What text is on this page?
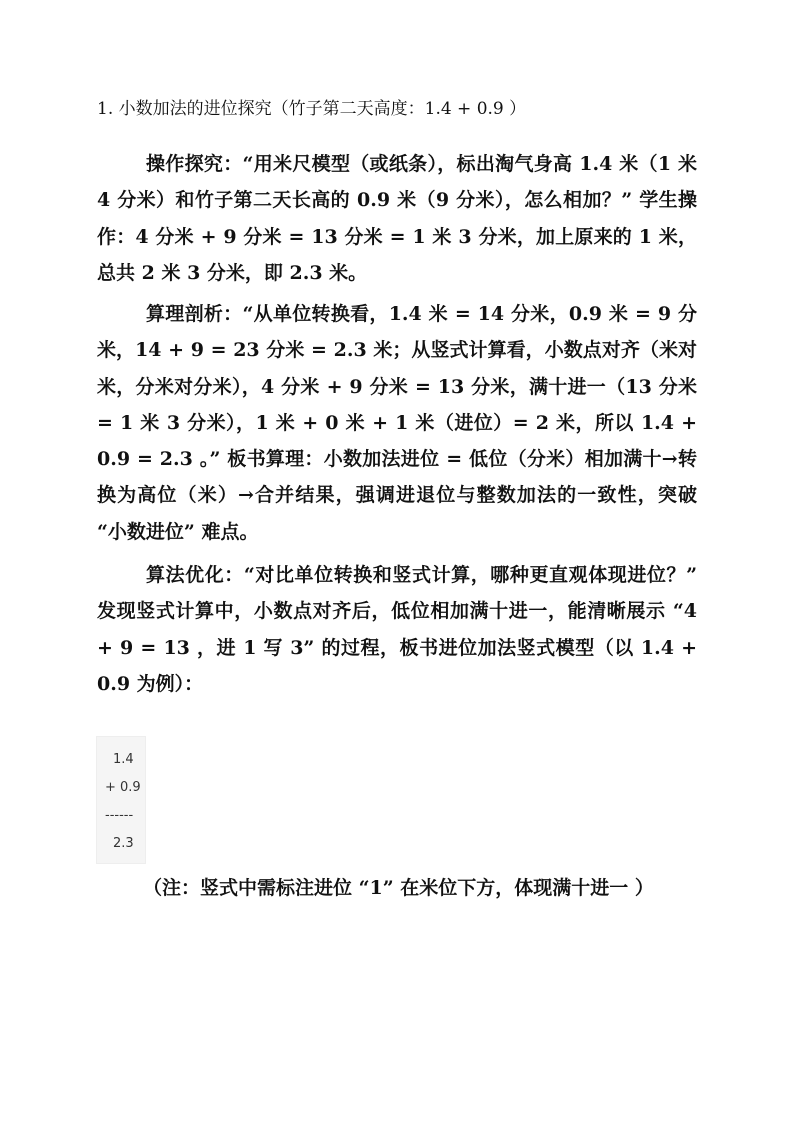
1. 小数加法的进位探究（竹子第二天高度：1.4 + 0.9 ）

操作探究：“用米尺模型（或纸条），标出淘气身高 1.4 米（1 米 4 分米）和竹子第二天长高的 0.9 米（9 分米），怎么相加？” 学生操作：4 分米 + 9 分米 = 13 分米 = 1 米 3 分米，加上原来的 1 米，总共 2 米 3 分米，即 2.3 米。

算理剖析：“从单位转换看，1.4 米 = 14 分米，0.9 米 = 9 分米，14 + 9 = 23 分米 = 2.3 米；从竖式计算看，小数点对齐（米对米，分米对分米），4 分米 + 9 分米 = 13 分米，满十进一（13 分米 = 1 米 3 分米），1 米 + 0 米 + 1 米（进位）= 2 米，所以 1.4 + 0.9 = 2.3 。” 板书算理：小数加法进位 = 低位（分米）相加满十→转换为高位（米）→合并结果，强调进退位与整数加法的一致性，突破 “小数进位” 难点。

算法优化：“对比单位转换和竖式计算，哪种更直观体现进位？” 发现竖式计算中，小数点对齐后，低位相加满十进一，能清晰展示 “4 + 9 = 13 ，进 1 写 3” 的过程，板书进位加法竖式模型（以 1.4 + 0.9 为例）：

1.4
+ 0.9
------
2.3
（注：竖式中需标注进位 “1” 在米位下方，体现满十进一 ）
